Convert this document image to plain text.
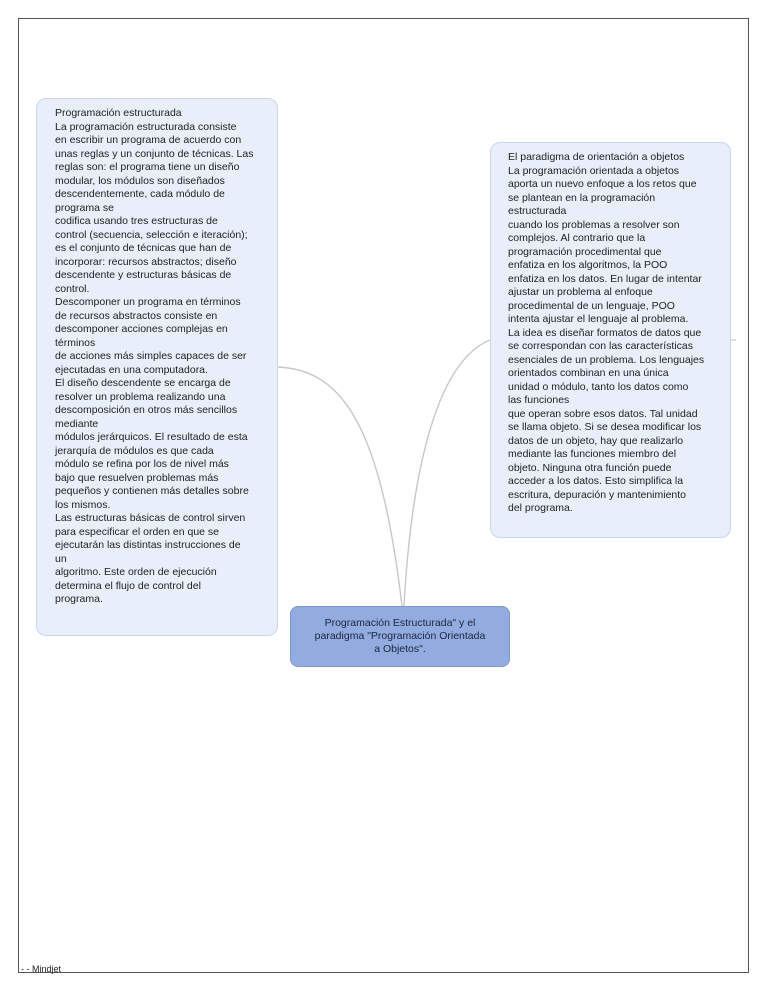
Programación estructurada
La programación estructurada consiste
en escribir un programa de acuerdo con
unas reglas y un conjunto de técnicas. Las
reglas son: el programa tiene un diseño
modular, los módulos son diseñados
descendentemente, cada módulo de
programa se
codifica usando tres estructuras de
control (secuencia, selección e iteración);
es el conjunto de técnicas que han de
incorporar: recursos abstractos; diseño
descendente y estructuras básicas de
control.
Descomponer un programa en términos
de recursos abstractos consiste en
descomponer acciones complejas en
términos
de acciones más simples capaces de ser
ejecutadas en una computadora.
El diseño descendente se encarga de
resolver un problema realizando una
descomposición en otros más sencillos
mediante
módulos jerárquicos. El resultado de esta
jerarquía de módulos es que cada
módulo se refina por los de nivel más
bajo que resuelven problemas más
pequeños y contienen más detalles sobre
los mismos.
Las estructuras básicas de control sirven
para especificar el orden en que se
ejecutarán las distintas instrucciones de
un
algoritmo. Este orden de ejecución
determina el flujo de control del
programa.
El paradigma de orientación a objetos
La programación orientada a objetos
aporta un nuevo enfoque a los retos que
se plantean en la programación
estructurada
cuando los problemas a resolver son
complejos. Al contrario que la
programación procedimental que
enfatiza en los algoritmos, la POO
enfatiza en los datos. En lugar de intentar
ajustar un problema al enfoque
procedimental de un lenguaje, POO
intenta ajustar el lenguaje al problema.
La idea es diseñar formatos de datos que
se correspondan con las características
esenciales de un problema. Los lenguajes
orientados combinan en una única
unidad o módulo, tanto los datos como
las funciones
que operan sobre esos datos. Tal unidad
se llama objeto. Si se desea modificar los
datos de un objeto, hay que realizarlo
mediante las funciones miembro del
objeto. Ninguna otra función puede
acceder a los datos. Esto simplifica la
escritura, depuración y mantenimiento
del programa.
Programación Estructurada" y el
paradigma "Programación Orientada
a Objetos".
- - Mindjet
